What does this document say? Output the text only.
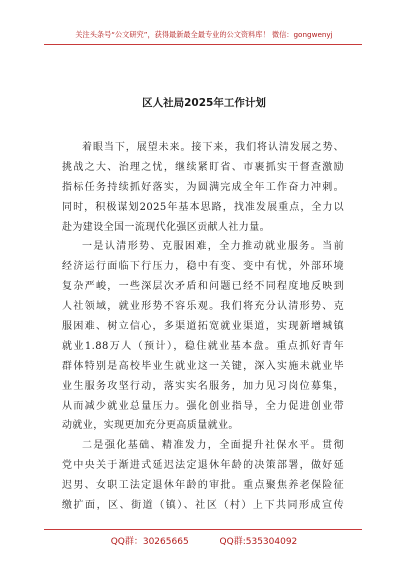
关注头条号“公文研究”，获得最新最全最专业的公文资料库！ 微信：gongwenyj
区人社局2025年工作计划
着眼当下，展望未来。接下来，我们将认清发展之势、
挑战之大、治理之忧，继续紧盯省、市裹抓实干督查激励
指标任务持续抓好落实，为圆满完成全年工作奋力冲刺。
同时，积极谋划2025年基本思路，找准发展重点，全力以
赴为建设全国一流现代化强区贡献人社力量。
一是认清形势、克服困难，全力推动就业服务。当前
经济运行面临下行压力，稳中有变、变中有忧，外部环境
复杂严峻，一些深层次矛盾和问题已经不同程度地反映到
人社领域，就业形势不容乐观。我们将充分认清形势、克
服困难、树立信心，多渠道拓宽就业渠道，实现新增城镇
就业1.88万人（预计），稳住就业基本盘。重点抓好青年
群体特别是高校毕业生就业这一关键，深入实施未就业毕
业生服务攻坚行动，落实实名服务，加力见习岗位募集，
从而减少就业总量压力。强化创业指导，全力促进创业带
动就业，实现更加充分更高质量就业。
二是强化基础、精准发力，全面提升社保水平。贯彻
党中央关于渐进式延迟法定退休年龄的决策部署，做好延
迟男、女职工法定退休年龄的审批。重点聚焦养老保险征
缴扩面，区、街道（镇）、社区（村）上下共同形成宣传
QQ群：30265665	QQ群:535304092
